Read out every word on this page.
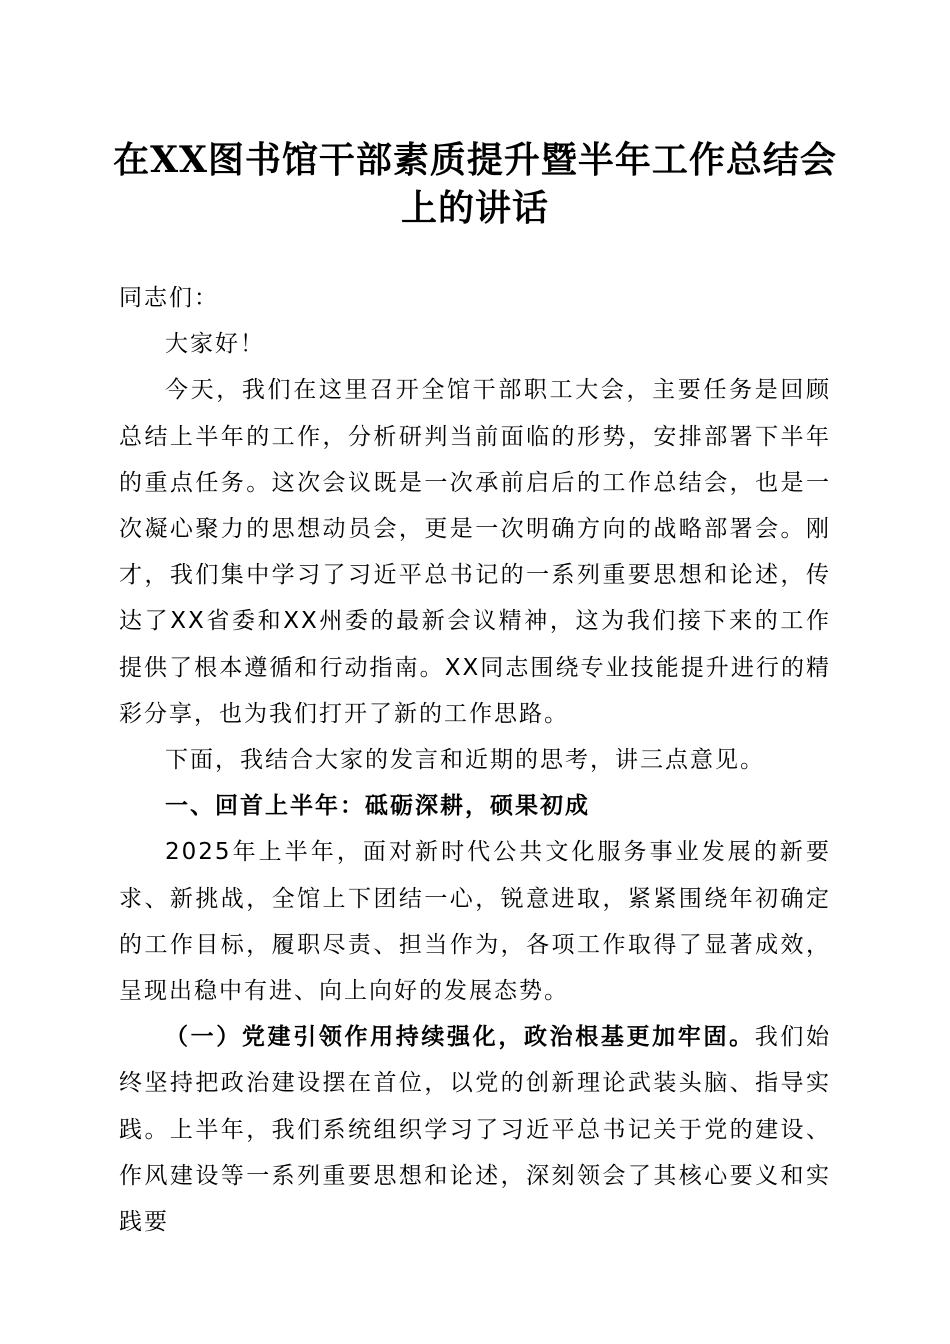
在XX图书馆干部素质提升暨半年工作总结会
上的讲话

同志们：

大家好！

今天，我们在这里召开全馆干部职工大会，主要任务是回顾总结上半年的工作，分析研判当前面临的形势，安排部署下半年的重点任务。这次会议既是一次承前启后的工作总结会，也是一次凝心聚力的思想动员会，更是一次明确方向的战略部署会。刚才，我们集中学习了习近平总书记的一系列重要思想和论述，传达了XX省委和XX州委的最新会议精神，这为我们接下来的工作提供了根本遵循和行动指南。XX同志围绕专业技能提升进行的精彩分享，也为我们打开了新的工作思路。

下面，我结合大家的发言和近期的思考，讲三点意见。

一、回首上半年：砥砺深耕，硕果初成

2025年上半年，面对新时代公共文化服务事业发展的新要求、新挑战，全馆上下团结一心，锐意进取，紧紧围绕年初确定的工作目标，履职尽责、担当作为，各项工作取得了显著成效，呈现出稳中有进、向上向好的发展态势。

（一）党建引领作用持续强化，政治根基更加牢固。我们始终坚持把政治建设摆在首位，以党的创新理论武装头脑、指导实践。上半年，我们系统组织学习了习近平总书记关于党的建设、作风建设等一系列重要思想和论述，深刻领会了其核心要义和实践要
